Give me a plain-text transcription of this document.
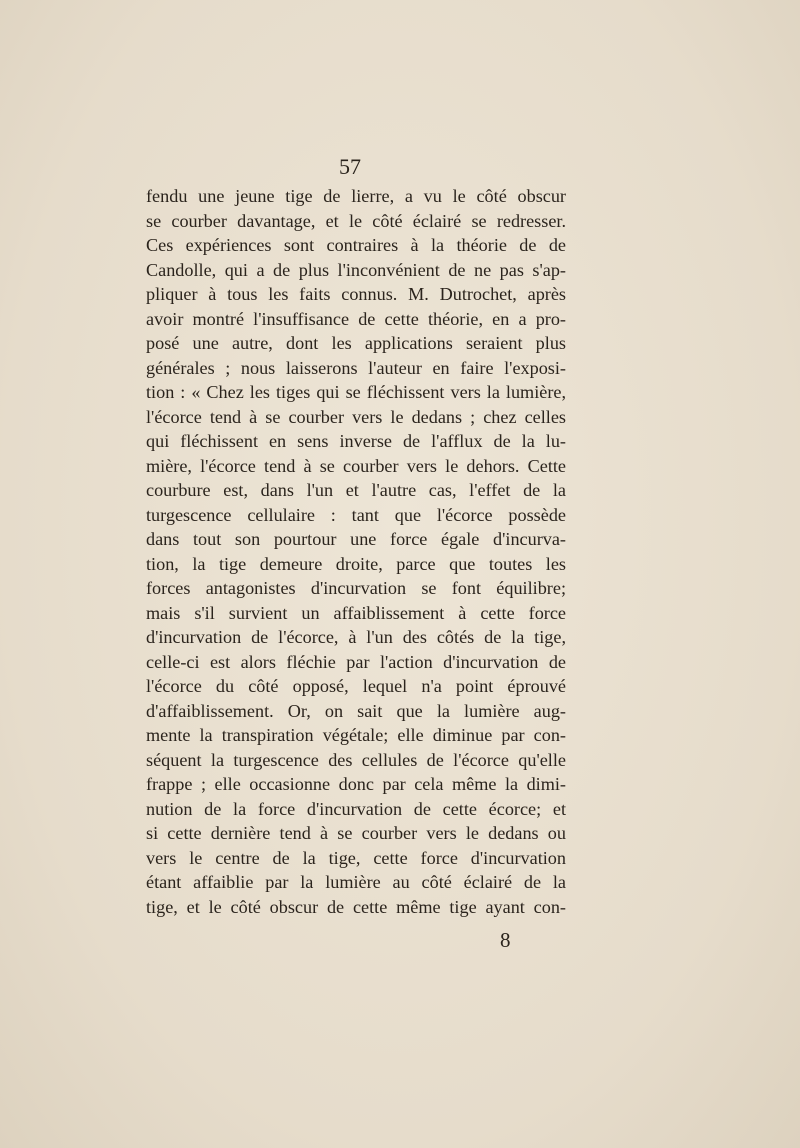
57
fendu une jeune tige de lierre, a vu le côté obscur
se courber davantage, et le côté éclairé se redresser.
Ces expériences sont contraires à la théorie de de
Candolle, qui a de plus l'inconvénient de ne pas s'ap-
pliquer à tous les faits connus. M. Dutrochet, après
avoir montré l'insuffisance de cette théorie, en a pro-
posé une autre, dont les applications seraient plus
générales ; nous laisserons l'auteur en faire l'exposi-
tion : « Chez les tiges qui se fléchissent vers la lumière,
l'écorce tend à se courber vers le dedans ; chez celles
qui fléchissent en sens inverse de l'afflux de la lu-
mière, l'écorce tend à se courber vers le dehors. Cette
courbure est, dans l'un et l'autre cas, l'effet de la
turgescence cellulaire : tant que l'écorce possède
dans tout son pourtour une force égale d'incurva-
tion, la tige demeure droite, parce que toutes les
forces antagonistes d'incurvation se font équilibre;
mais s'il survient un affaiblissement à cette force
d'incurvation de l'écorce, à l'un des côtés de la tige,
celle-ci est alors fléchie par l'action d'incurvation de
l'écorce du côté opposé, lequel n'a point éprouvé
d'affaiblissement. Or, on sait que la lumière aug-
mente la transpiration végétale; elle diminue par con-
séquent la turgescence des cellules de l'écorce qu'elle
frappe ; elle occasionne donc par cela même la dimi-
nution de la force d'incurvation de cette écorce; et
si cette dernière tend à se courber vers le dedans ou
vers le centre de la tige, cette force d'incurvation
étant affaiblie par la lumière au côté éclairé de la
tige, et le côté obscur de cette même tige ayant con-
8
